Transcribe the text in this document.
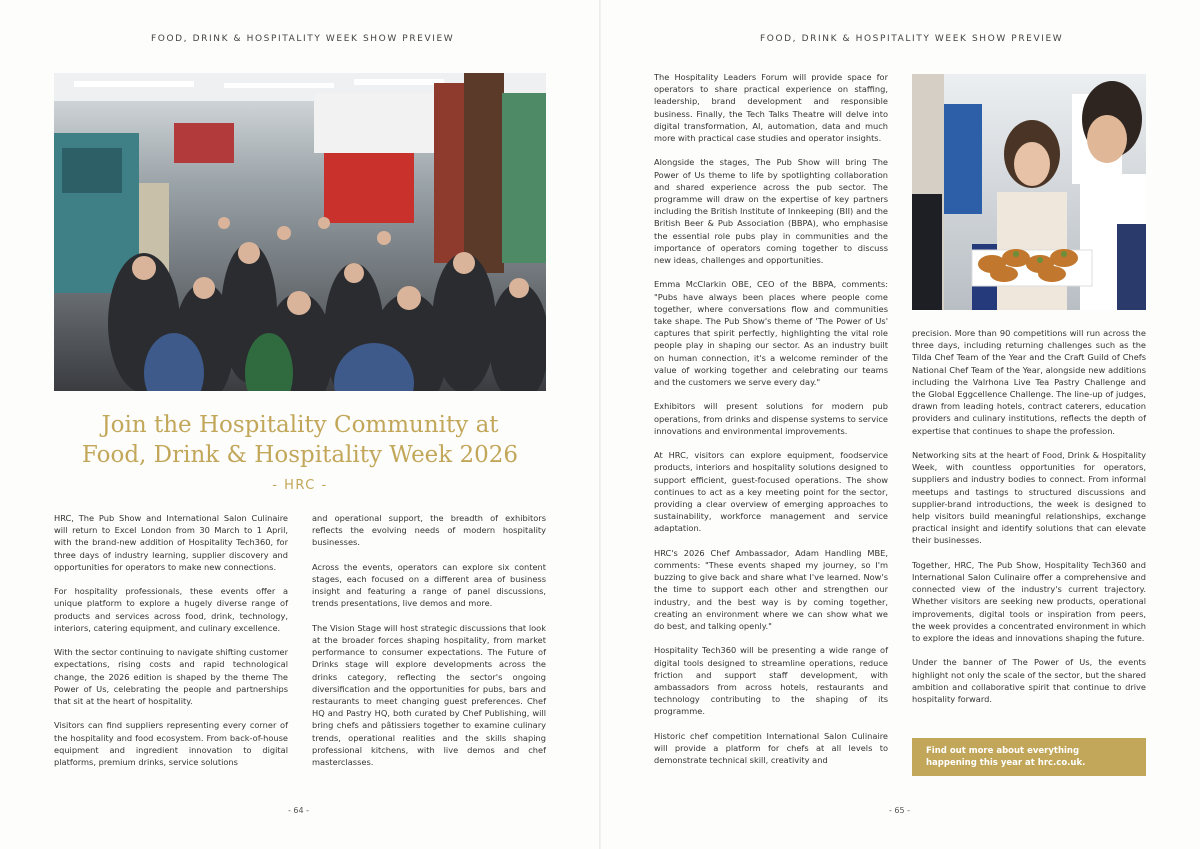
FOOD, DRINK & HOSPITALITY WEEK SHOW PREVIEW
Join the Hospitality Community at
Food, Drink & Hospitality Week 2026
- HRC -

HRC, The Pub Show and International Salon Culinaire will return to Excel London from 30 March to 1 April, with the brand-new addition of Hospitality Tech360, for three days of industry learning, supplier discovery and opportunities for operators to make new connections.

For hospitality professionals, these events offer a unique platform to explore a hugely diverse range of products and services across food, drink, technology, interiors, catering equipment, and culinary excellence.

With the sector continuing to navigate shifting customer expectations, rising costs and rapid technological change, the 2026 edition is shaped by the theme The Power of Us, celebrating the people and partnerships that sit at the heart of hospitality.

Visitors can find suppliers representing every corner of the hospitality and food ecosystem. From back-of-house equipment and ingredient innovation to digital platforms, premium drinks, service solutions

and operational support, the breadth of exhibitors reflects the evolving needs of modern hospitality businesses.

Across the events, operators can explore six content stages, each focused on a different area of business insight and featuring a range of panel discussions, trends presentations, live demos and more.

The Vision Stage will host strategic discussions that look at the broader forces shaping hospitality, from market performance to consumer expectations. The Future of Drinks stage will explore developments across the drinks category, reflecting the sector's ongoing diversification and the opportunities for pubs, bars and restaurants to meet changing guest preferences. Chef HQ and Pastry HQ, both curated by Chef Publishing, will bring chefs and pâtissiers together to examine culinary trends, operational realities and the skills shaping professional kitchens, with live demos and chef masterclasses.

- 64 -
FOOD, DRINK & HOSPITALITY WEEK SHOW PREVIEW

The Hospitality Leaders Forum will provide space for operators to share practical experience on staffing, leadership, brand development and responsible business. Finally, the Tech Talks Theatre will delve into digital transformation, AI, automation, data and much more with practical case studies and operator insights.

Alongside the stages, The Pub Show will bring The Power of Us theme to life by spotlighting collaboration and shared experience across the pub sector. The programme will draw on the expertise of key partners including the British Institute of Innkeeping (BII) and the British Beer & Pub Association (BBPA), who emphasise the essential role pubs play in communities and the importance of operators coming together to discuss new ideas, challenges and opportunities.

Emma McClarkin OBE, CEO of the BBPA, comments: "Pubs have always been places where people come together, where conversations flow and communities take shape. The Pub Show's theme of 'The Power of Us' captures that spirit perfectly, highlighting the vital role people play in shaping our sector. As an industry built on human connection, it's a welcome reminder of the value of working together and celebrating our teams and the customers we serve every day."

Exhibitors will present solutions for modern pub operations, from drinks and dispense systems to service innovations and environmental improvements.

At HRC, visitors can explore equipment, foodservice products, interiors and hospitality solutions designed to support efficient, guest-focused operations. The show continues to act as a key meeting point for the sector, providing a clear overview of emerging approaches to sustainability, workforce management and service adaptation.

HRC's 2026 Chef Ambassador, Adam Handling MBE, comments: "These events shaped my journey, so I'm buzzing to give back and share what I've learned. Now's the time to support each other and strengthen our industry, and the best way is by coming together, creating an environment where we can show what we do best, and talking openly."

Hospitality Tech360 will be presenting a wide range of digital tools designed to streamline operations, reduce friction and support staff development, with ambassadors from across hotels, restaurants and technology contributing to the shaping of its programme.

Historic chef competition International Salon Culinaire will provide a platform for chefs at all levels to demonstrate technical skill, creativity and

precision. More than 90 competitions will run across the three days, including returning challenges such as the Tilda Chef Team of the Year and the Craft Guild of Chefs National Chef Team of the Year, alongside new additions including the Valrhona Live Tea Pastry Challenge and the Global Eggcellence Challenge. The line-up of judges, drawn from leading hotels, contract caterers, education providers and culinary institutions, reflects the depth of expertise that continues to shape the profession.

Networking sits at the heart of Food, Drink & Hospitality Week, with countless opportunities for operators, suppliers and industry bodies to connect. From informal meetups and tastings to structured discussions and supplier-brand introductions, the week is designed to help visitors build meaningful relationships, exchange practical insight and identify solutions that can elevate their businesses.

Together, HRC, The Pub Show, Hospitality Tech360 and International Salon Culinaire offer a comprehensive and connected view of the industry's current trajectory. Whether visitors are seeking new products, operational improvements, digital tools or inspiration from peers, the week provides a concentrated environment in which to explore the ideas and innovations shaping the future.

Under the banner of The Power of Us, the events highlight not only the scale of the sector, but the shared ambition and collaborative spirit that continue to drive hospitality forward.

Find out more about everything happening this year at hrc.co.uk.
- 65 -
